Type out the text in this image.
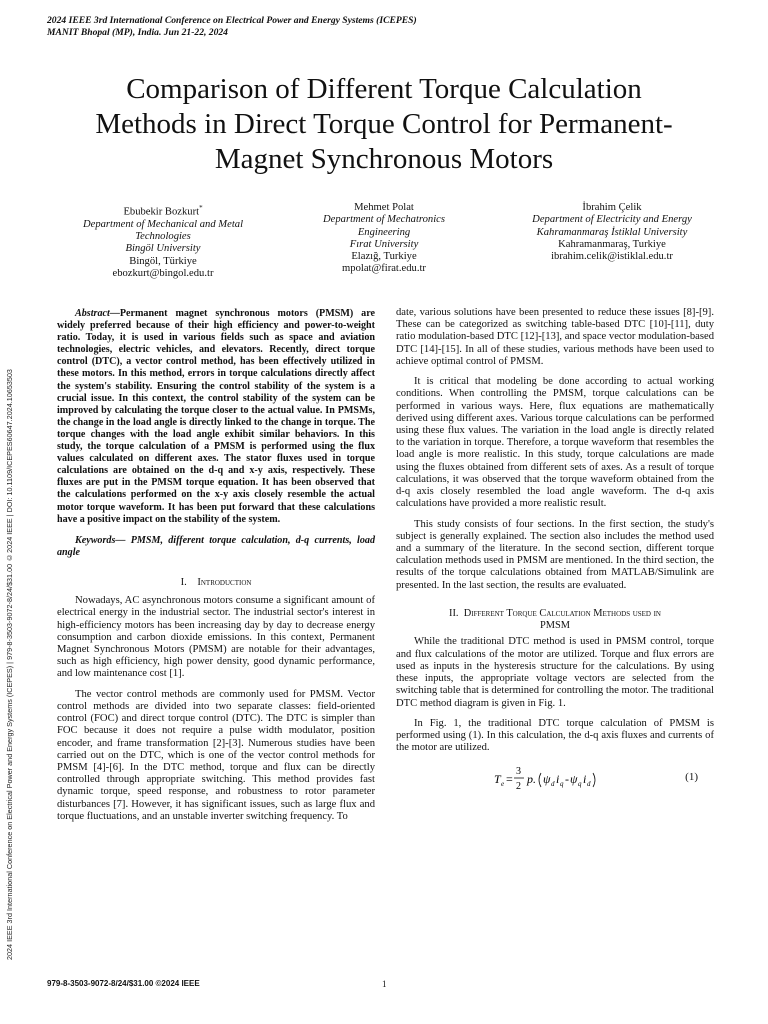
2024 IEEE 3rd International Conference on Electrical Power and Energy Systems (ICEPES) | 979-8-3503-9072-8/24/$31.00 ©2024 IEEE | DOI: 10.1109/ICEPES60647.2024.10653503
2024 IEEE 3rd International Conference on Electrical Power and Energy Systems (ICEPES)
MANIT Bhopal (MP), India. Jun 21-22, 2024
Comparison of Different Torque Calculation
Methods in Direct Torque Control for Permanent-
Magnet Synchronous Motors
Ebubekir Bozkurt*
Department of Mechanical and Metal
Technologies
Bingöl University
Bingöl, Türkiye
ebozkurt@bingol.edu.tr
Mehmet Polat
Department of Mechatronics
Engineering
Fırat University
Elazığ, Turkiye
mpolat@firat.edu.tr
İbrahim Çelik
Department of Electricity and Energy
Kahramanmaraş İstiklal University
Kahramanmaraş, Turkiye
ibrahim.celik@istiklal.edu.tr

Abstract—Permanent magnet synchronous motors (PMSM) are widely preferred because of their high efficiency and power-to-weight ratio. Today, it is used in various fields such as space and aviation technologies, electric vehicles, and elevators. Recently, direct torque control (DTC), a vector control method, has been effectively utilized in these motors. In this method, errors in torque calculations directly affect the system's stability. Ensuring the control stability of the system is a crucial issue. In this context, the control stability of the system can be improved by calculating the torque closer to the actual value. In PMSMs, the change in the load angle is directly linked to the change in torque. The torque changes with the load angle exhibit similar behaviors. In this study, the torque calculation of a PMSM is performed using the flux values calculated on different axes. The stator fluxes used in torque calculations are obtained on the d-q and x-y axis, respectively. These fluxes are put in the PMSM torque equation. It has been observed that the calculations performed on the x-y axis closely resemble the actual motor torque waveform. It has been put forward that these calculations have a positive impact on the stability of the system.

Keywords— PMSM, different torque calculation, d-q currents, load angle

I. Introduction

Nowadays, AC asynchronous motors consume a significant amount of electrical energy in the industrial sector. The industrial sector's interest in high-efficiency motors has been increasing day by day to decrease energy consumption and carbon dioxide emissions. In this context, Permanent Magnet Synchronous Motors (PMSM) are notable for their advantages, such as high efficiency, high power density, good dynamic performance, and low maintenance cost [1].

The vector control methods are commonly used for PMSM. Vector control methods are divided into two separate classes: field-oriented control (FOC) and direct torque control (DTC). The DTC is simpler than FOC because it does not require a pulse width modulator, position encoder, and frame transformation [2]-[3]. Numerous studies have been carried out on the DTC, which is one of the vector control methods for PMSM [4]-[6]. In the DTC method, torque and flux can be directly controlled through appropriate switching. This method provides fast dynamic torque, speed response, and robustness to rotor parameter disturbances [7]. However, it has significant issues, such as large flux and torque fluctuations, and an unstable inverter switching frequency. To

date, various solutions have been presented to reduce these issues [8]-[9]. These can be categorized as switching table-based DTC [10]-[11], duty ratio modulation-based DTC [12]-[13], and space vector modulation-based DTC [14]-[15]. In all of these studies, various methods have been used to achieve optimal control of PMSM.

It is critical that modeling be done according to actual working conditions. When controlling the PMSM, torque calculations can be performed in various ways. Here, flux equations are mathematically derived using different axes. Various torque calculations can be performed using these flux values. The variation in the load angle is directly related to the variation in torque. Therefore, a torque waveform that resembles the load angle is more realistic. In this study, torque calculations are made using the fluxes obtained from different sets of axes. As a result of torque calculations, it was observed that the torque waveform obtained from the d-q axis closely resembled the load angle waveform. The d-q axis calculations have provided a more realistic result.

This study consists of four sections. In the first section, the study's subject is generally explained. The section also includes the method used and a summary of the literature. In the second section, different torque calculation methods used in PMSM are mentioned. In the third section, the results of the torque calculations obtained from MATLAB/Simulink are presented. In the last section, the results are evaluated.

II. Different Torque Calculation Methods used in
PMSM

While the traditional DTC method is used in PMSM control, torque and flux calculations of the motor are utilized. Torque and flux errors are used as inputs in the hysteresis structure for the calculations. By using these inputs, the appropriate voltage vectors are selected from the switching table that is determined for controlling the motor. The traditional DTC method diagram is given in Fig. 1.

In Fig. 1, the traditional DTC torque calculation of PMSM is performed using (1). In this calculation, the d-q axis fluxes and currents of the motor are utilized.

T e =
3
2
p. ψ d i q - ψ q i d
(1)
979-8-3503-9072-8/24/$31.00 ©2024 IEEE	1
